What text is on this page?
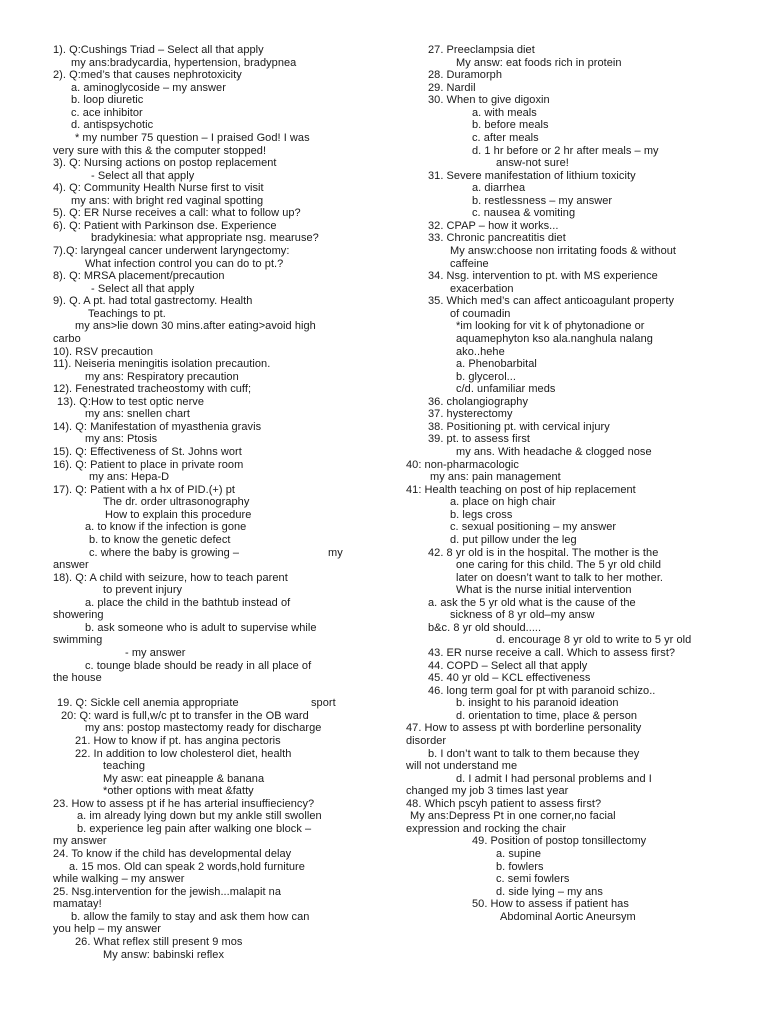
1). Q:Cushings Triad – Select all that apply
my ans:bradycardia, hypertension, bradypnea
2). Q:med’s that causes nephrotoxicity
a. aminoglycoside – my answer
b. loop diuretic
c. ace inhibitor
d. antispsychotic
* my number 75 question – I praised God! I was
very sure with this & the computer stopped!
3). Q: Nursing actions on postop replacement
- Select all that apply
4). Q: Community Health Nurse first to visit
my ans: with bright red vaginal spotting
5). Q: ER Nurse receives a call: what to follow up?
6). Q: Patient with Parkinson dse. Experience
bradykinesia: what appropriate nsg. mearuse?
7).Q: laryngeal cancer underwent laryngectomy:
What infection control you can do to pt.?
8). Q: MRSA placement/precaution
- Select all that apply
9). Q. A pt. had total gastrectomy. Health
Teachings to pt.
my ans>lie down 30 mins.after eating>avoid high
carbo
10). RSV precaution
11). Neiseria meningitis isolation precaution.
my ans: Respiratory precaution
12). Fenestrated tracheostomy with cuff;
13). Q:How to test optic nerve
my ans: snellen chart
14). Q: Manifestation of myasthenia gravis
my ans: Ptosis
15). Q: Effectiveness of St. Johns wort
16). Q: Patient to place in private room
my ans: Hepa-D
17). Q: Patient with a hx of PID.(+) pt
The dr. order ultrasonography
How to explain this procedure
a. to know if the infection is gone
b. to know the genetic defect
c. where the baby is growing –	my
answer
18). Q: A child with seizure, how to teach parent
to prevent injury
a. place the child in the bathtub instead of
showering
b. ask someone who is adult to supervise while
swimming
- my answer
c. tounge blade should be ready in all place of
the house
19. Q: Sickle cell anemia appropriate	sport
20: Q: ward is full,w/c pt to transfer in the OB ward
my ans: postop mastectomy ready for discharge
21. How to know if pt. has angina pectoris
22. In addition to low cholesterol diet, health
teaching
My asw: eat pineapple & banana
*other options with meat &fatty
23. How to assess pt if he has arterial insuffieciency?
a. im already lying down but my ankle still swollen
b. experience leg pain after walking one block –
my answer
24. To know if the child has developmental delay
a. 15 mos. Old can speak 2 words,hold furniture
while walking – my answer
25. Nsg.intervention for the jewish...malapit na
mamatay!
b. allow the family to stay and ask them how can
you help – my answer
26. What reflex still present 9 mos
My answ: babinski reflex
27. Preeclampsia diet
My answ: eat foods rich in protein
28. Duramorph
29. Nardil
30. When to give digoxin
a. with meals
b. before meals
c. after meals
d. 1 hr before or 2 hr after meals – my
answ-not sure!
31. Severe manifestation of lithium toxicity
a. diarrhea
b. restlessness – my answer
c. nausea & vomiting
32. CPAP – how it works...
33. Chronic pancreatitis diet
My answ:choose non irritating foods & without
caffeine
34. Nsg. intervention to pt. with MS experience
exacerbation
35. Which med’s can affect anticoagulant property
of coumadin
*im looking for vit k of phytonadione or
aquamephyton kso ala.nanghula nalang
ako..hehe
a. Phenobarbital
b. glycerol...
c/d. unfamiliar meds
36. cholangiography
37. hysterectomy
38. Positioning pt. with cervical injury
39. pt. to assess first
my ans. With headache & clogged nose
40: non-pharmacologic
my ans: pain management
41: Health teaching on post of hip replacement
a. place on high chair
b. legs cross
c. sexual positioning – my answer
d. put pillow under the leg
42. 8 yr old is in the hospital. The mother is the
one caring for this child. The 5 yr old child
later on doesn’t want to talk to her mother.
What is the nurse initial intervention
a. ask the 5 yr old what is the cause of the
sickness of 8 yr old–my answ
b&c. 8 yr old should.....
d. encourage 8 yr old to write to 5 yr old
43. ER nurse receive a call. Which to assess first?
44. COPD – Select all that apply
45. 40 yr old – KCL effectiveness
46. long term goal for pt with paranoid schizo..
b. insight to his paranoid ideation
d. orientation to time, place & person
47. How to assess pt with borderline personality
disorder
b. I don’t want to talk to them because they
will not understand me
d. I admit I had personal problems and I
changed my job 3 times last year
48. Which pscyh patient to assess first?
My ans:Depress Pt in one corner,no facial
expression and rocking the chair
49. Position of postop tonsillectomy
a. supine
b. fowlers
c. semi fowlers
d. side lying – my ans
50. How to assess if patient has
Abdominal Aortic Aneursym
